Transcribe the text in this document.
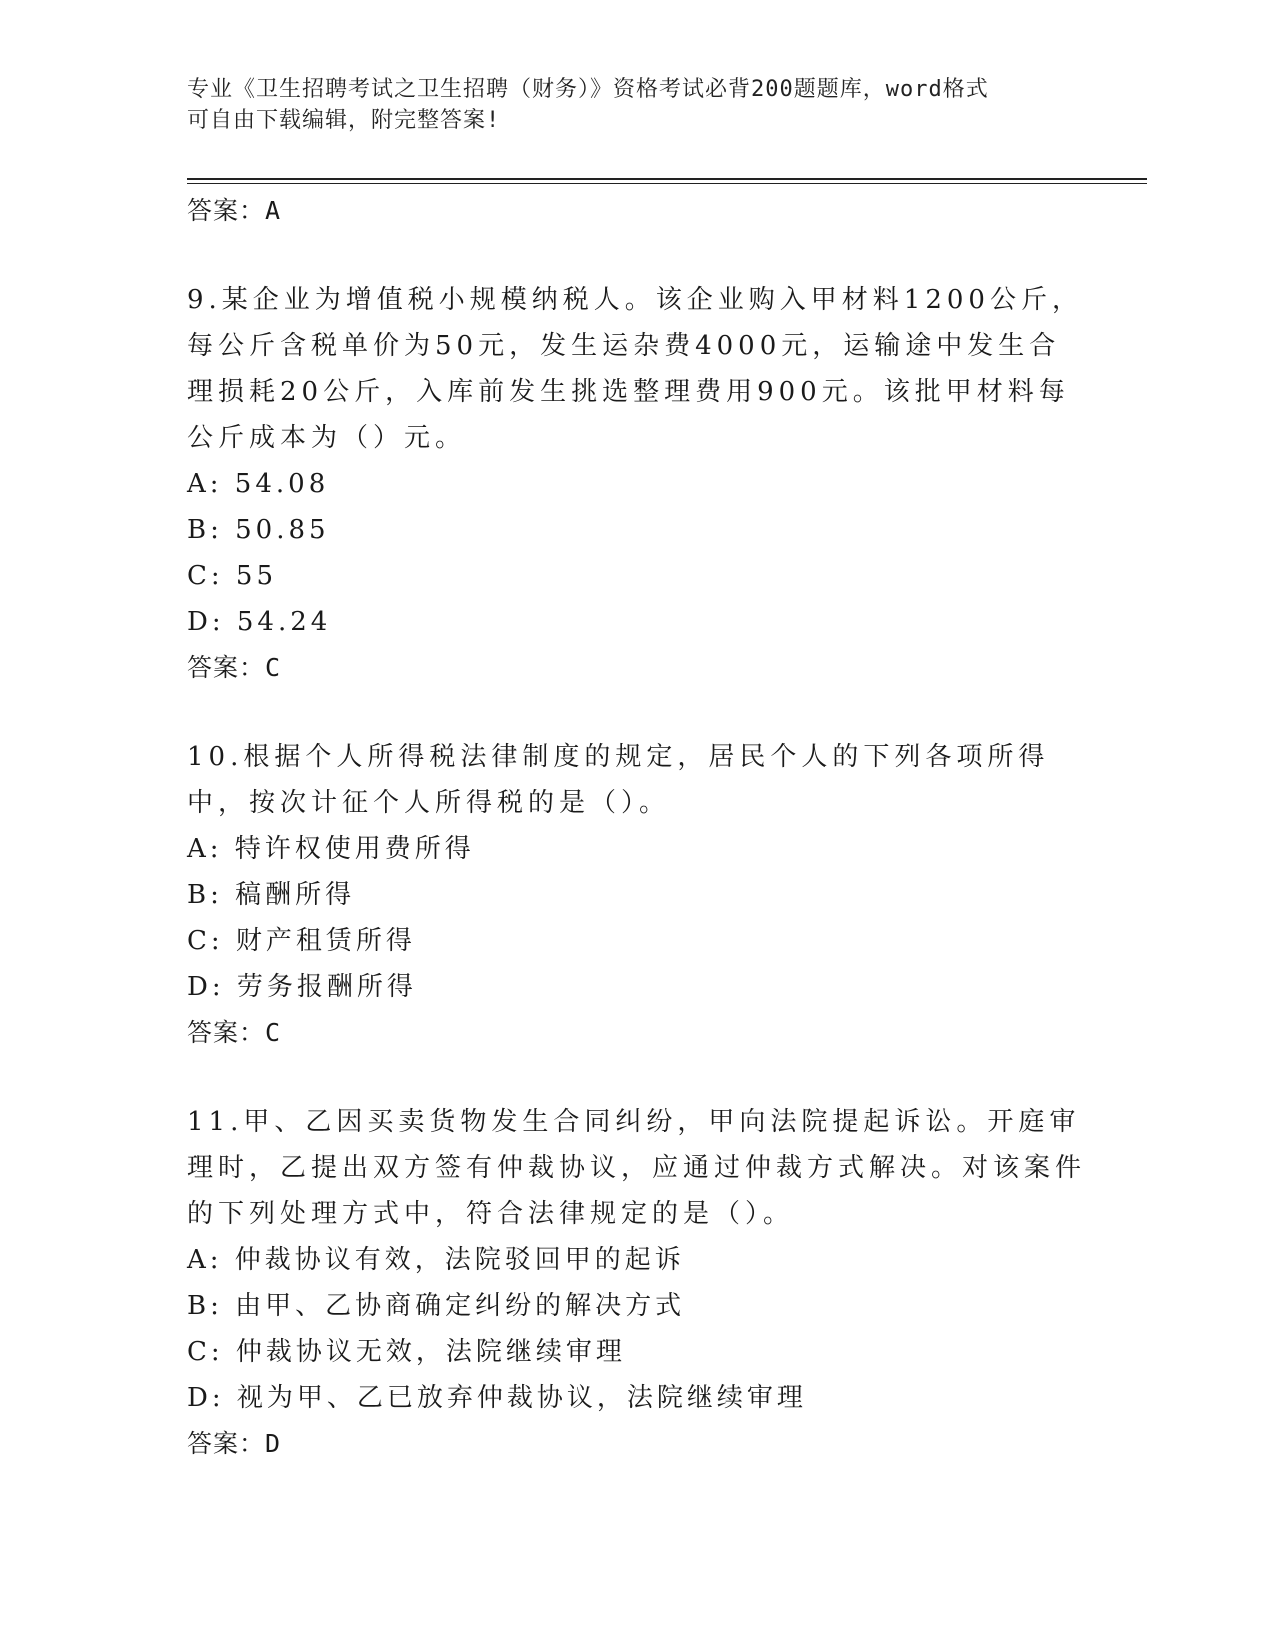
专业《卫生招聘考试之卫生招聘（财务）》资格考试必背200题题库，word格式
可自由下载编辑，附完整答案!
答案：A
9.某企业为增值税小规模纳税人。该企业购入甲材料1200公斤，每公斤含税单价为50元，发生运杂费4000元，运输途中发生合理损耗20公斤，入库前发生挑选整理费用900元。该批甲材料每公斤成本为（）元。
A: 54.08
B: 50.85
C: 55
D: 54.24
答案：C
10.根据个人所得税法律制度的规定，居民个人的下列各项所得中，按次计征个人所得税的是（）。
A: 特许权使用费所得
B: 稿酬所得
C: 财产租赁所得
D: 劳务报酬所得
答案：C
11.甲、乙因买卖货物发生合同纠纷，甲向法院提起诉讼。开庭审理时，乙提出双方签有仲裁协议，应通过仲裁方式解决。对该案件的下列处理方式中，符合法律规定的是（）。
A: 仲裁协议有效，法院驳回甲的起诉
B: 由甲、乙协商确定纠纷的解决方式
C: 仲裁协议无效，法院继续审理
D: 视为甲、乙已放弃仲裁协议，法院继续审理
答案：D
